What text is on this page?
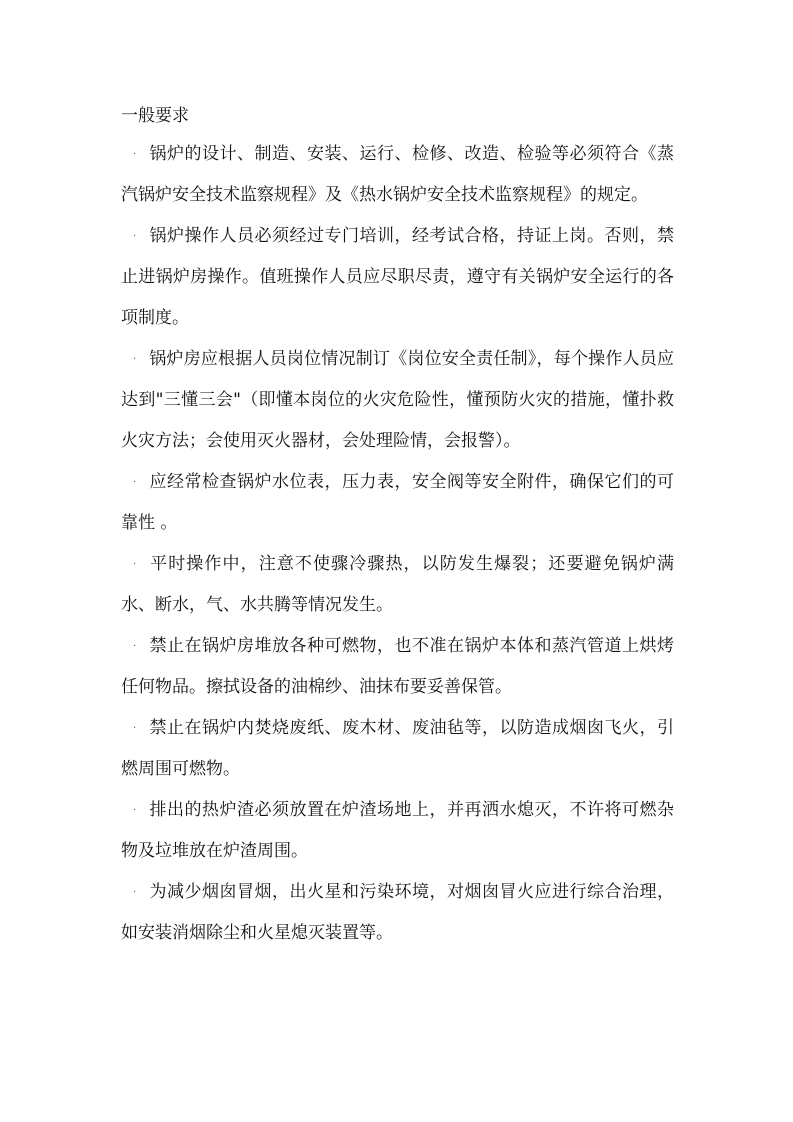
一般要求

· 锅炉的设计、制造、安装、运行、检修、改造、检验等必须符合《蒸汽锅炉安全技术监察规程》及《热水锅炉安全技术监察规程》的规定。

· 锅炉操作人员必须经过专门培训，经考试合格，持证上岗。否则，禁止进锅炉房操作。值班操作人员应尽职尽责，遵守有关锅炉安全运行的各项制度。

· 锅炉房应根据人员岗位情况制订《岗位安全责任制》，每个操作人员应达到"三懂三会"（即懂本岗位的火灾危险性，懂预防火灾的措施，懂扑救火灾方法；会使用灭火器材，会处理险情，会报警）。

· 应经常检查锅炉水位表，压力表，安全阀等安全附件，确保它们的可靠性 。

· 平时操作中，注意不使骤冷骤热，以防发生爆裂；还要避免锅炉满水、断水，气、水共腾等情况发生。

· 禁止在锅炉房堆放各种可燃物，也不准在锅炉本体和蒸汽管道上烘烤任何物品。擦拭设备的油棉纱、油抹布要妥善保管。

· 禁止在锅炉内焚烧废纸、废木材、废油毡等，以防造成烟囱飞火，引燃周围可燃物。

· 排出的热炉渣必须放置在炉渣场地上，并再洒水熄灭，不许将可燃杂物及垃堆放在炉渣周围。

· 为减少烟囱冒烟，出火星和污染环境，对烟囱冒火应进行综合治理，如安装消烟除尘和火星熄灭装置等。
